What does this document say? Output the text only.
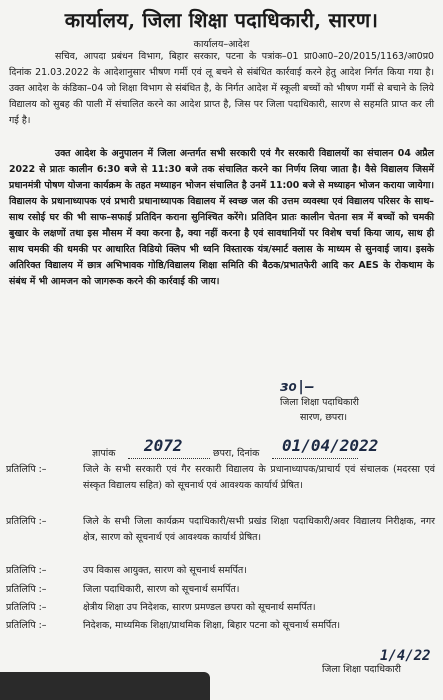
कार्यालय, जिला शिक्षा पदाधिकारी, सारण।
कार्यालय–आदेश
सचिव, आपदा प्रबंधन विभाग, बिहार सरकार, पटना के पत्रांक–01 प्रा0आ0–20/2015/1163/आ0प्र0 दिनांक 21.03.2022 के आदेशानुसार भीषण गर्मी एवं लू बचने से संबंधित कार्रवाई करने हेतु आदेश निर्गत किया गया है। उक्त आदेश के कंडिका–04 जो शिक्षा विभाग से संबंधित है, के निर्गत आदेश में स्कूली बच्चों को भीषण गर्मी से बचाने के लिये विद्यालय को सुबह की पाली में संचालित करने का आदेश प्राप्त है, जिस पर जिला पदाधिकारी, सारण से सहमति प्राप्त कर ली गई है।
उक्त आदेश के अनुपालन में जिला अन्तर्गत सभी सरकारी एवं गैर सरकारी विद्यालयों का संचालन 04 अप्रैल 2022 से प्रातः कालीन 6:30 बजे से 11:30 बजे तक संचालित करने का निर्णय लिया जाता है। वैसे विद्यालय जिसमें प्रधानमंत्री पोषण योजना कार्यक्रम के तहत मध्याहन भोजन संचालित है उनमें 11:00 बजे से मध्याहन भोजन कराया जायेगा। विद्यालय के प्रधानाध्यापक एवं प्रभारी प्रधानाध्यापक विद्यालय में स्वच्छ जल की उत्तम व्यवस्था एवं विद्यालय परिसर के साथ–साथ रसोई घर की भी साफ–सफाई प्रतिदिन कराना सुनिश्चित करेंगे। प्रतिदिन प्रातः कालीन चेतना सत्र में बच्चों को चमकी बुखार के लक्षणों तथा इस मौसम में क्या करना है, क्या नहीं करना है एवं सावधानियों पर विशेष चर्चा किया जाय, साथ ही साथ चमकी की धमकी पर आधारित विडियो क्लिप भी ध्वनि विस्तारक यंत्र/स्मार्ट क्लास के माध्यम से सुनवाई जाय। इसके अतिरिक्त विद्यालय में छात्र अभिभावक गोष्ठि/विद्यालय शिक्षा समिति की बैठक/प्रभातफेरी आदि कर AES के रोकथाम के संबंध में भी आमजन को जागरूक करने की कार्रवाई की जाय।
ɜo|—
जिला शिक्षा पदाधिकारी
सारण, छपरा।
ज्ञापांक 2072	छपरा, दिनांक 01/04/2022
प्रतिलिपि :–	जिले के सभी सरकारी एवं गैर सरकारी विद्यालय के प्रधानाध्यापक/प्राचार्य एवं संचालक (मदरसा एवं संस्कृत विद्यालय सहित) को सूचनार्थ एवं आवश्यक कार्यार्थ प्रेषित।
प्रतिलिपि :–	जिले के सभी जिला कार्यक्रम पदाधिकारी/सभी प्रखंड शिक्षा पदाधिकारी/अवर विद्यालय निरीक्षक, नगर क्षेत्र, सारण को सूचनार्थ एवं आवश्यक कार्यार्थ प्रेषित।
प्रतिलिपि :–	उप विकास आयुक्त, सारण को सूचनार्थ समर्पित।
प्रतिलिपि :–	जिला पदाधिकारी, सारण को सूचनार्थ समर्पित।
प्रतिलिपि :–	क्षेत्रीय शिक्षा उप निदेशक, सारण प्रमण्डल छपरा को सूचनार्थ समर्पित।
प्रतिलिपि :–	निदेशक, माध्यमिक शिक्षा/प्राथमिक शिक्षा, बिहार पटना को सूचनार्थ समर्पित।
1/4/22
जिला शिक्षा पदाधिकारी
